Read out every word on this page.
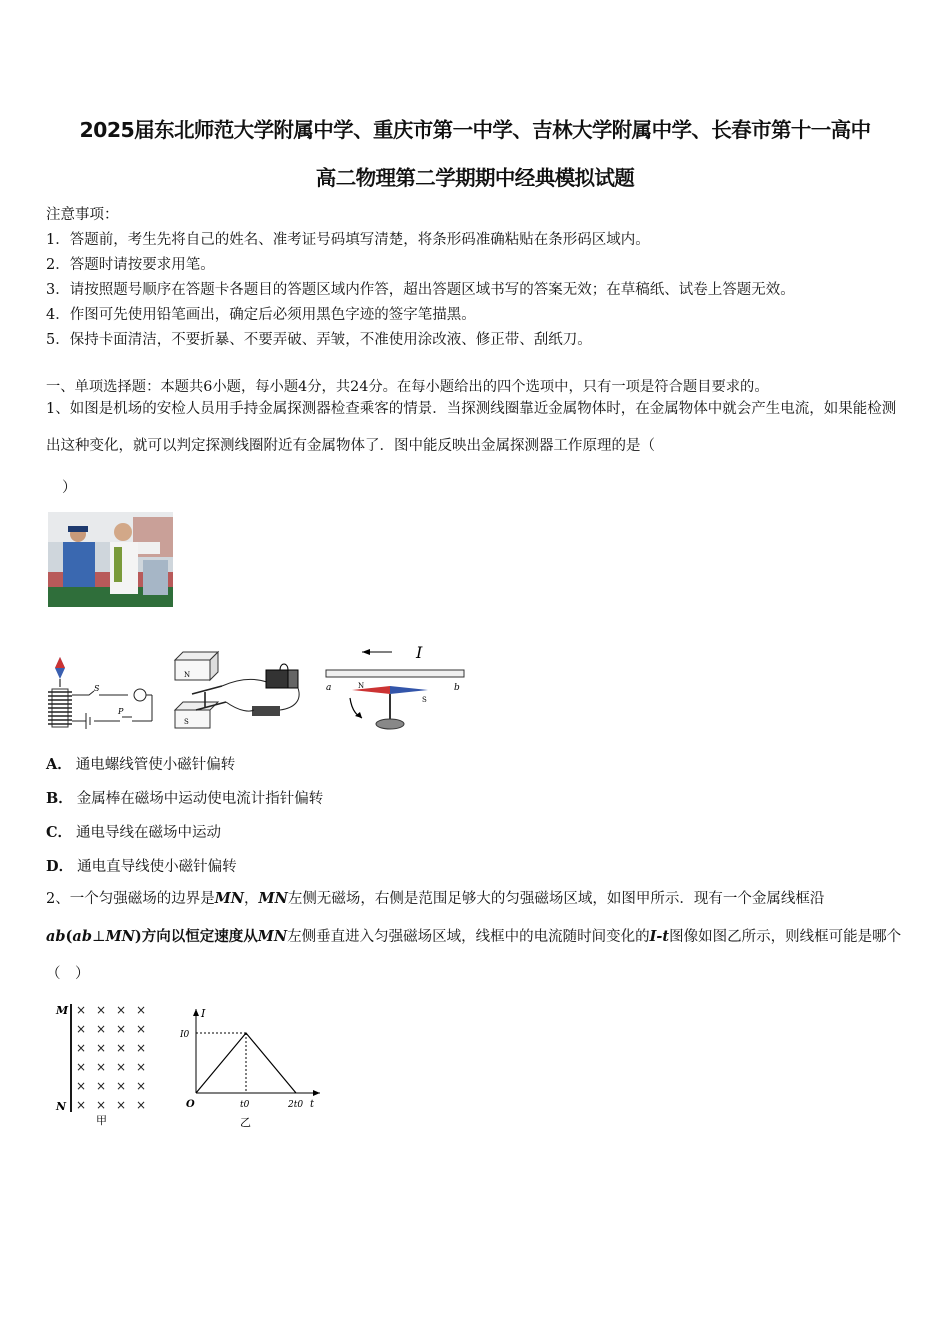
2025届东北师范大学附属中学、重庆市第一中学、吉林大学附属中学、长春市第十一高中
高二物理第二学期期中经典模拟试题
注意事项：
1．答题前，考生先将自己的姓名、准考证号码填写清楚，将条形码准确粘贴在条形码区域内。
2．答题时请按要求用笔。
3．请按照题号顺序在答题卡各题目的答题区域内作答，超出答题区域书写的答案无效；在草稿纸、试卷上答题无效。
4．作图可先使用铅笔画出，确定后必须用黑色字迹的签字笔描黑。
5．保持卡面清洁，不要折暴、不要弄破、弄皱，不准使用涂改液、修正带、刮纸刀。
一、单项选择题：本题共6小题，每小题4分，共24分。在每小题给出的四个选项中，只有一项是符合题目要求的。
1、如图是机场的安检人员用手持金属探测器检查乘客的情景．当探测线圈靠近金属物体时，在金属物体中就会产生电流，如果能检测出这种变化，就可以判定探测线圈附近有金属物体了．图中能反映出金属探测器工作原理的是（
）
S
P
N
S
I
a	b
N
S
A． 通电螺线管使小磁针偏转
B． 金属棒在磁场中运动使电流计指针偏转
C． 通电导线在磁场中运动
D． 通电直导线使小磁针偏转
2、一个匀强磁场的边界是MN，MN左侧无磁场，右侧是范围足够大的匀强磁场区域，如图甲所示．现有一个金属线框沿ab(ab⊥MN)方向以恒定速度从MN左侧垂直进入匀强磁场区域，线框中的电流随时间变化的I-t图像如图乙所示，则线框可能是哪个（　）
M
N
× × × ×
× × × ×
× × × ×
× × × ×
× × × ×
× × × ×
甲
I
I0
O	t0	2t0 t
乙
